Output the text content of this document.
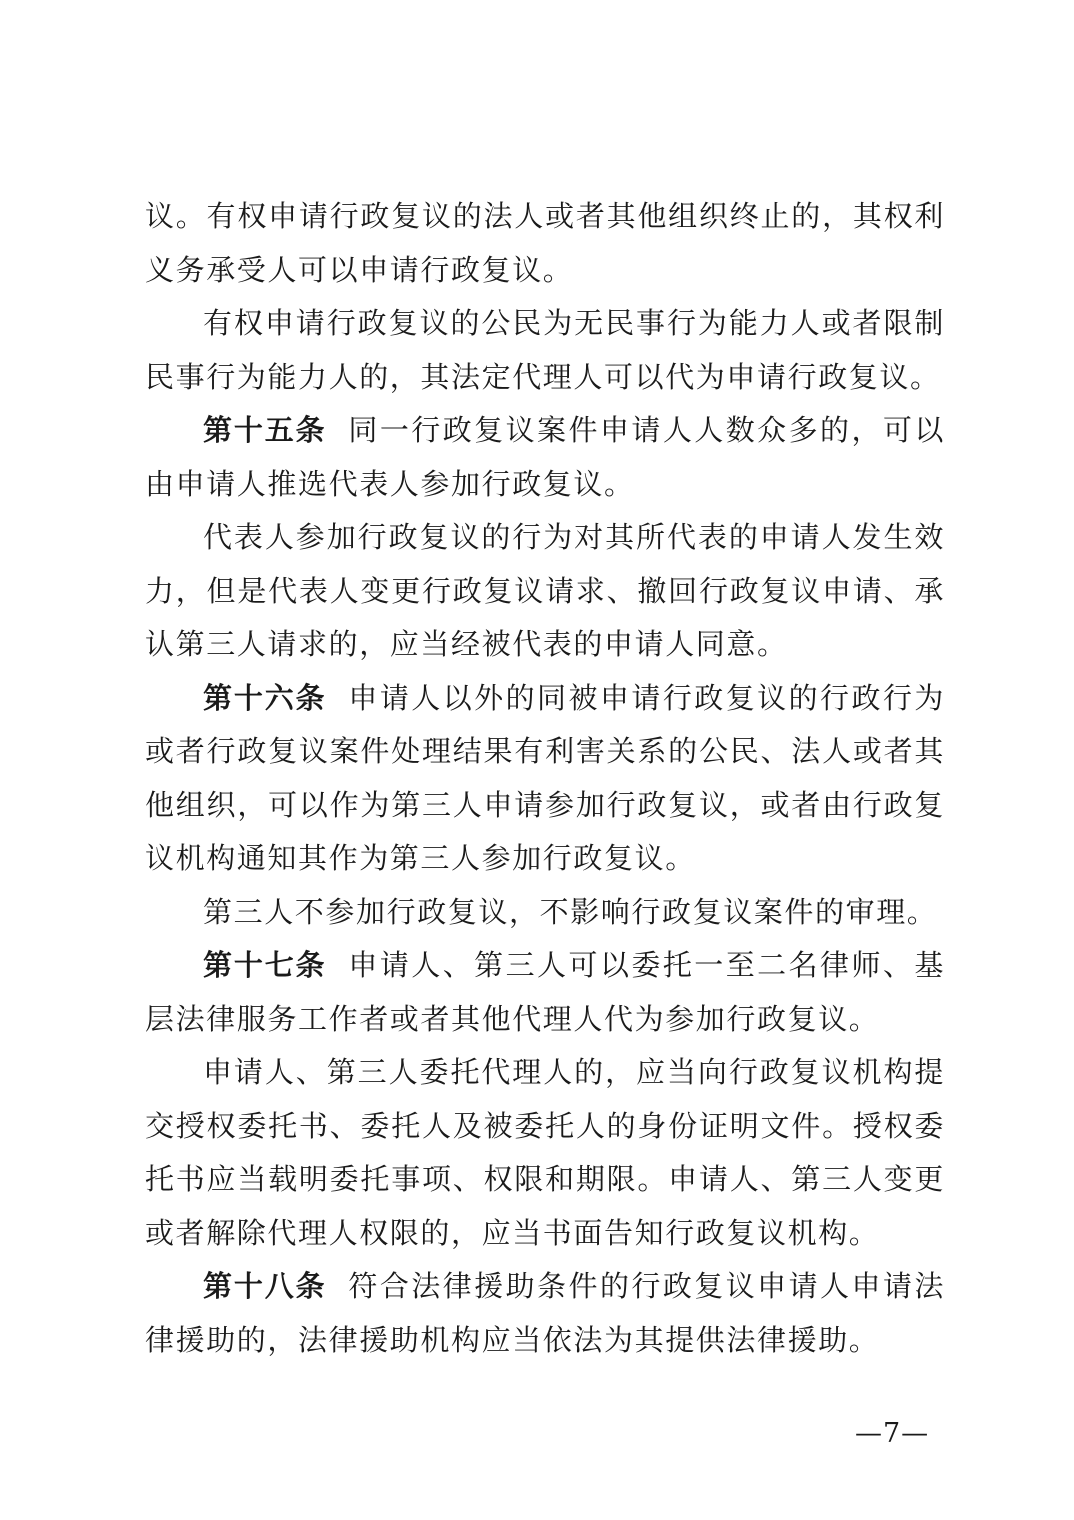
议。有权申请行政复议的法人或者其他组织终止的，其权利义务承受人可以申请行政复议。

有权申请行政复议的公民为无民事行为能力人或者限制民事行为能力人的，其法定代理人可以代为申请行政复议。

第十五条 同一行政复议案件申请人人数众多的，可以由申请人推选代表人参加行政复议。

代表人参加行政复议的行为对其所代表的申请人发生效力，但是代表人变更行政复议请求、撤回行政复议申请、承认第三人请求的，应当经被代表的申请人同意。

第十六条 申请人以外的同被申请行政复议的行政行为或者行政复议案件处理结果有利害关系的公民、法人或者其他组织，可以作为第三人申请参加行政复议，或者由行政复议机构通知其作为第三人参加行政复议。

第三人不参加行政复议，不影响行政复议案件的审理。

第十七条 申请人、第三人可以委托一至二名律师、基层法律服务工作者或者其他代理人代为参加行政复议。

申请人、第三人委托代理人的，应当向行政复议机构提交授权委托书、委托人及被委托人的身份证明文件。授权委托书应当载明委托事项、权限和期限。申请人、第三人变更或者解除代理人权限的，应当书面告知行政复议机构。

第十八条 符合法律援助条件的行政复议申请人申请法律援助的，法律援助机构应当依法为其提供法律援助。

—7—
